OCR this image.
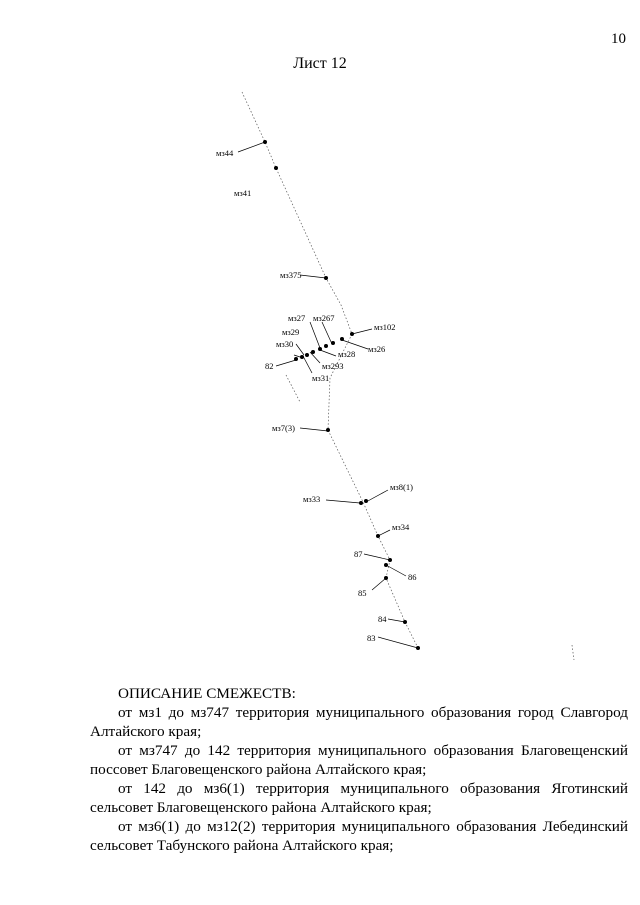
10
Лист 12
мз44
мз41
мз375
мз27 мз267
мз102
мз29
мз26
мз30
мз28
82	мз293
мз31
мз7(3)
мз8(1)
мз33
мз34
87
86
85
84
83
ОПИСАНИЕ СМЕЖЕСТВ:

от мз1 до мз747 территория муниципального образования город Славгород Алтайского края;

от мз747 до 142 территория муниципального образования Благовещенский поссовет Благовещенского района Алтайского края;

от 142 до мз6(1) территория муниципального образования Яготинский сельсовет Благовещенского района Алтайского края;

от мз6(1) до мз12(2) территория муниципального образования Лебединский сельсовет Табунского района Алтайского края;
